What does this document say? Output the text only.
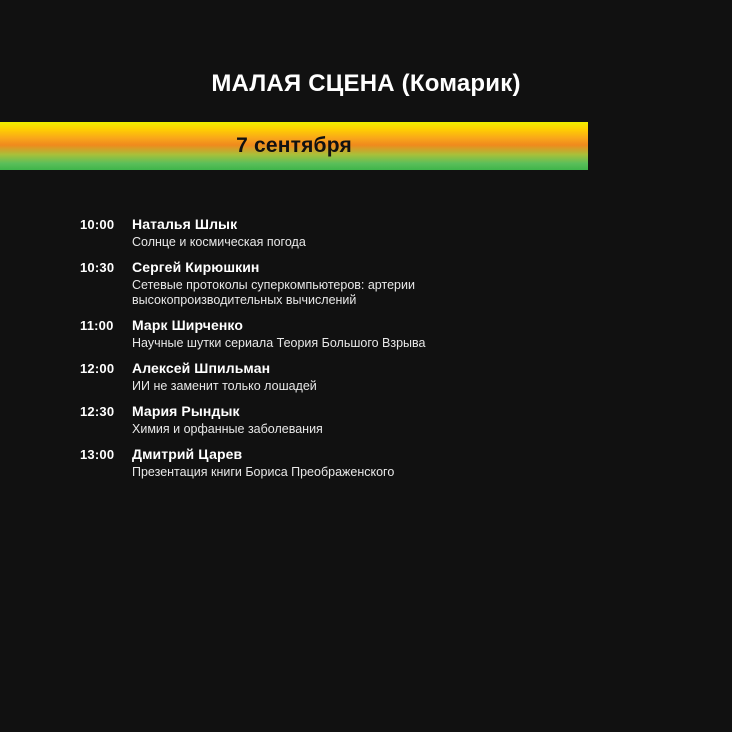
МАЛАЯ СЦЕНА (Комарик)
7 сентября
10:00	Наталья Шлык
Солнце и космическая погода
10:30	Сергей Кирюшкин
Сетевые протоколы суперкомпьютеров: артерии высокопроизводительных вычислений
11:00	Марк Ширченко
Научные шутки сериала Теория Большого Взрыва
12:00	Алексей Шпильман
ИИ не заменит только лошадей
12:30	Мария Рындык
Химия и орфанные заболевания
13:00	Дмитрий Царев
Презентация книги Бориса Преображенского
